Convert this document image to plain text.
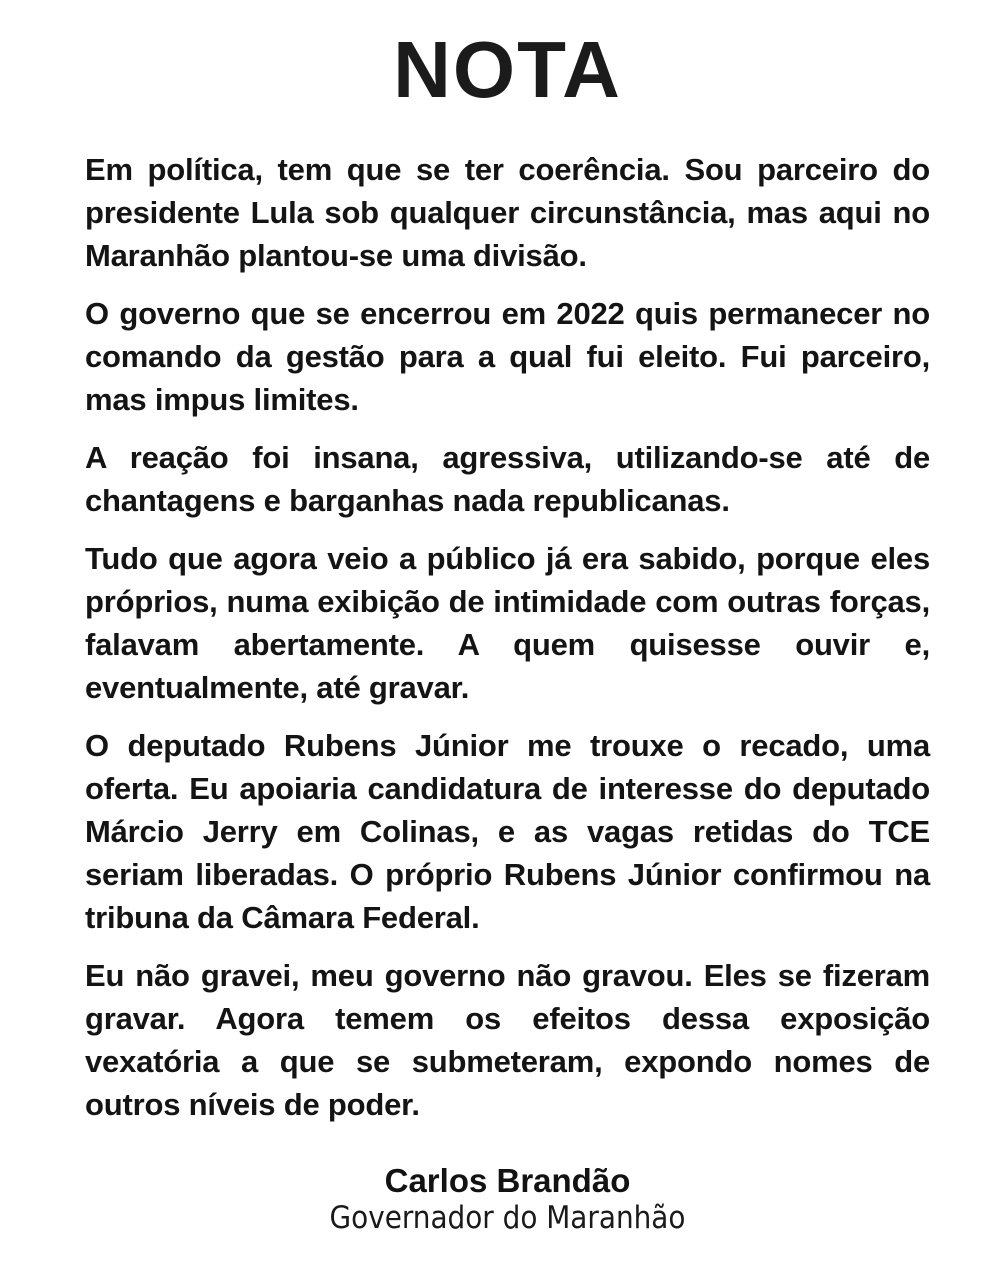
NOTA

Em política, tem que se ter coerência. Sou parceiro do presidente Lula sob qualquer circunstância, mas aqui no Maranhão plantou-se uma divisão.

O governo que se encerrou em 2022 quis permanecer no comando da gestão para a qual fui eleito. Fui parceiro, mas impus limites.

A reação foi insana, agressiva, utilizando-se até de chantagens e barganhas nada republicanas.

Tudo que agora veio a público já era sabido, porque eles próprios, numa exibição de intimidade com outras forças, falavam abertamente. A quem quisesse ouvir e, eventualmente, até gravar.

O deputado Rubens Júnior me trouxe o recado, uma oferta. Eu apoiaria candidatura de interesse do deputado Márcio Jerry em Colinas, e as vagas retidas do TCE seriam liberadas. O próprio Rubens Júnior confirmou na tribuna da Câmara Federal.

Eu não gravei, meu governo não gravou. Eles se fizeram gravar. Agora temem os efeitos dessa exposição vexatória a que se submeteram, expondo nomes de outros níveis de poder.

Carlos Brandão
Governador do Maranhão
